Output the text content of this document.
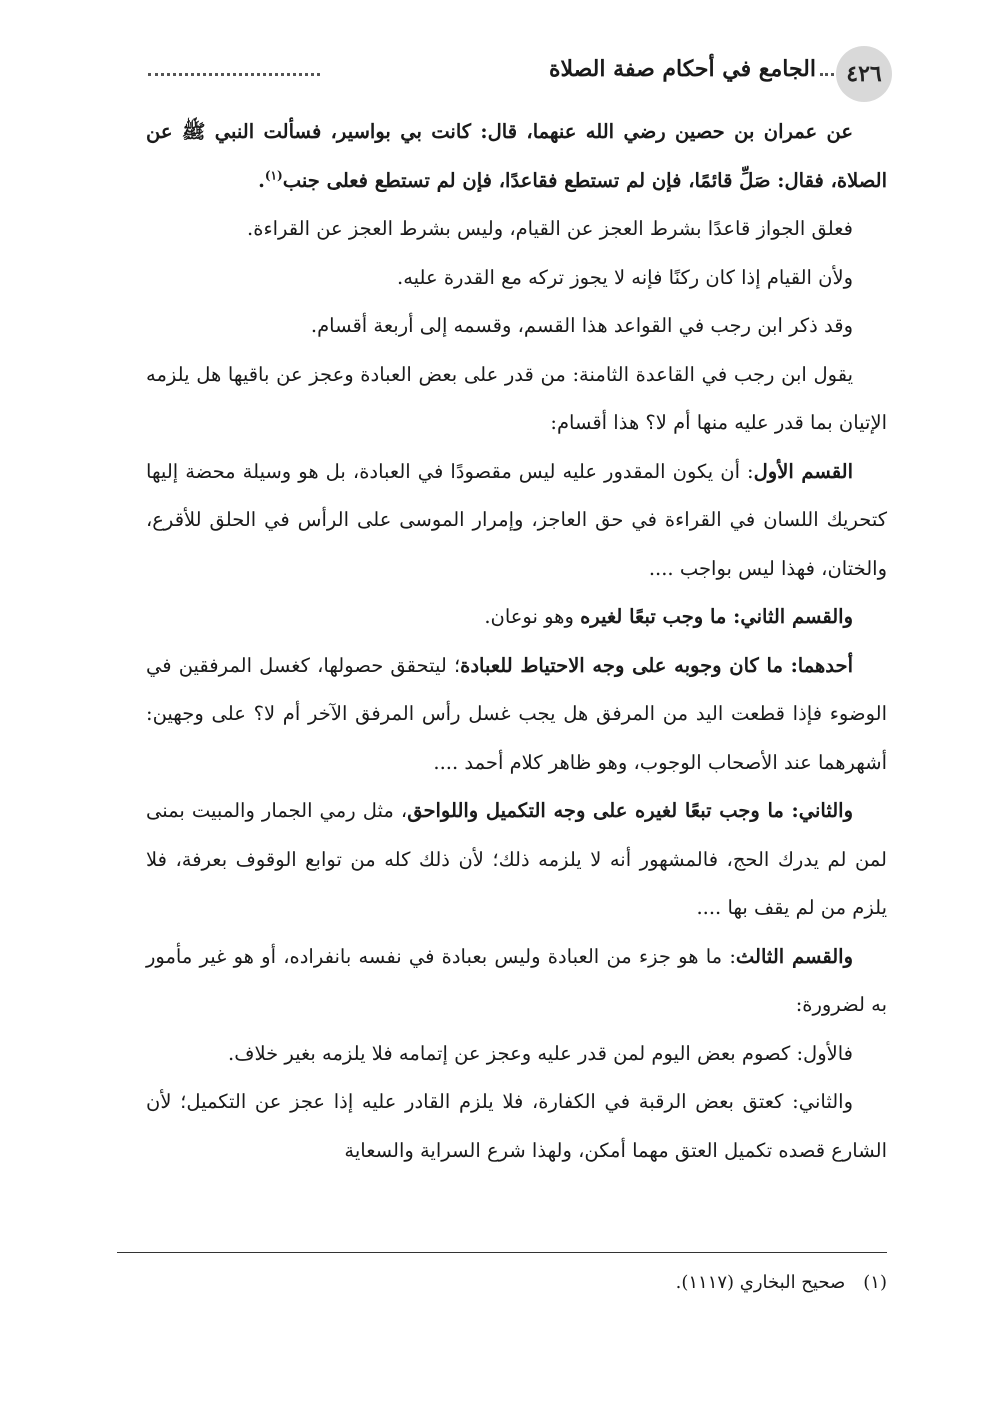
٤٢٦
الجامع في أحكام صفة الصلاة

عن عمران بن حصين رضي الله عنهما، قال: كانت بي بواسير، فسألت النبي ﷺ عن الصلاة، فقال: صَلِّ قائمًا، فإن لم تستطع فقاعدًا، فإن لم تستطع فعلى جنب$^{(١)}$.

فعلق الجواز قاعدًا بشرط العجز عن القيام، وليس بشرط العجز عن القراءة.

ولأن القيام إذا كان ركنًا فإنه لا يجوز تركه مع القدرة عليه.

وقد ذكر ابن رجب في القواعد هذا القسم، وقسمه إلى أربعة أقسام.

يقول ابن رجب في القاعدة الثامنة: من قدر على بعض العبادة وعجز عن باقيها هل يلزمه الإتيان بما قدر عليه منها أم لا؟ هذا أقسام:

القسم الأول: أن يكون المقدور عليه ليس مقصودًا في العبادة، بل هو وسيلة محضة إليها كتحريك اللسان في القراءة في حق العاجز، وإمرار الموسى على الرأس في الحلق للأقرع، والختان، فهذا ليس بواجب ....

والقسم الثاني: ما وجب تبعًا لغيره وهو نوعان.

أحدهما: ما كان وجوبه على وجه الاحتياط للعبادة؛ ليتحقق حصولها، كغسل المرفقين في الوضوء فإذا قطعت اليد من المرفق هل يجب غسل رأس المرفق الآخر أم لا؟ على وجهين: أشهرهما عند الأصحاب الوجوب، وهو ظاهر كلام أحمد ....

والثاني: ما وجب تبعًا لغيره على وجه التكميل واللواحق، مثل رمي الجمار والمبيت بمنى لمن لم يدرك الحج، فالمشهور أنه لا يلزمه ذلك؛ لأن ذلك كله من توابع الوقوف بعرفة، فلا يلزم من لم يقف بها ....

والقسم الثالث: ما هو جزء من العبادة وليس بعبادة في نفسه بانفراده، أو هو غير مأمور به لضرورة:

فالأول: كصوم بعض اليوم لمن قدر عليه وعجز عن إتمامه فلا يلزمه بغير خلاف.

والثاني: كعتق بعض الرقبة في الكفارة، فلا يلزم القادر عليه إذا عجز عن التكميل؛ لأن الشارع قصده تكميل العتق مهما أمكن، ولهذا شرع السراية والسعاية

(١)صحيح البخاري (١١١٧).
